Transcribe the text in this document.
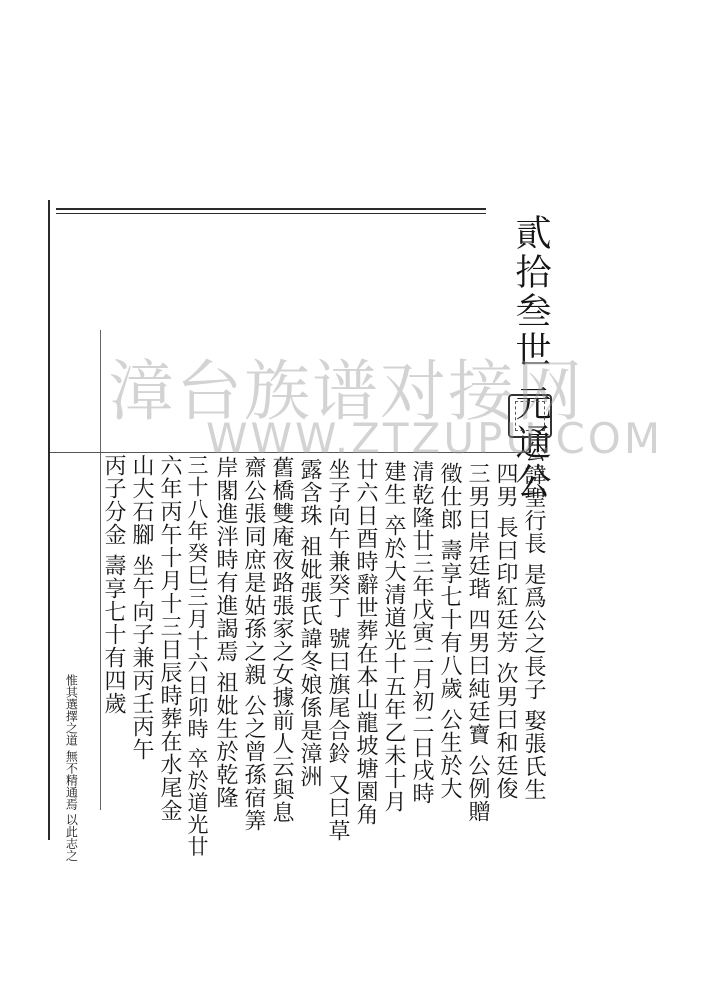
貳拾叁世 元通公
公諱聖行長 是爲公之長子 娶張氏生
四男 長曰印紅廷芳 次男曰和廷俊
三男曰岸廷瑎 四男曰純廷寶 公例贈
徵仕郎 壽享七十有八歲 公生於大
清乾隆廿三年戊寅二月初二日戌時
建生 卒於大清道光十五年乙未十月
廿六日酉時辭世葬在本山龍坡塘園角
坐子向午兼癸丁 號曰旗尾合鈴 又曰草
露含珠 祖妣張氏諱冬娘係是漳洲
舊橋雙庵夜路張家之女據前人云與息
齋公張同庶是姑孫之親 公之曾孫宿筭
岸閣進泮時有進謁焉 祖妣生於乾隆
三十八年癸巳三月十六日卯時 卒於道光廿
六年丙午十月十三日辰時葬在水尾金
山大石腳 坐午向子兼丙壬丙午
丙子分金 壽享七十有四歲
惟其選擇之道 無不精通焉 以此志之
漳台族谱对接网
WWW.ZTZUPU.COM
